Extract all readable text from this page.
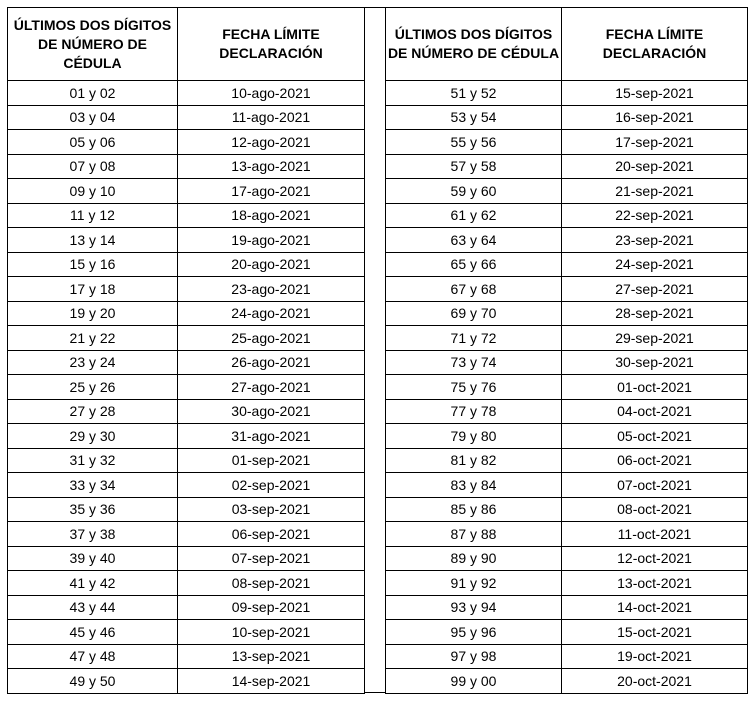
ÚLTIMOS DOS DÍGITOS DE NÚMERO DE CÉDULA	FECHA LÍMITE DECLARACIÓN
01 y 02	10-ago-2021
03 y 04	11-ago-2021
05 y 06	12-ago-2021
07 y 08	13-ago-2021
09 y 10	17-ago-2021
11 y 12	18-ago-2021
13 y 14	19-ago-2021
15 y 16	20-ago-2021
17 y 18	23-ago-2021
19 y 20	24-ago-2021
21 y 22	25-ago-2021
23 y 24	26-ago-2021
25 y 26	27-ago-2021
27 y 28	30-ago-2021
29 y 30	31-ago-2021
31 y 32	01-sep-2021
33 y 34	02-sep-2021
35 y 36	03-sep-2021
37 y 38	06-sep-2021
39 y 40	07-sep-2021
41 y 42	08-sep-2021
43 y 44	09-sep-2021
45 y 46	10-sep-2021
47 y 48	13-sep-2021
49 y 50	14-sep-2021
ÚLTIMOS DOS DÍGITOS DE NÚMERO DE CÉDULA	FECHA LÍMITE DECLARACIÓN
51 y 52	15-sep-2021
53 y 54	16-sep-2021
55 y 56	17-sep-2021
57 y 58	20-sep-2021
59 y 60	21-sep-2021
61 y 62	22-sep-2021
63 y 64	23-sep-2021
65 y 66	24-sep-2021
67 y 68	27-sep-2021
69 y 70	28-sep-2021
71 y 72	29-sep-2021
73 y 74	30-sep-2021
75 y 76	01-oct-2021
77 y 78	04-oct-2021
79 y 80	05-oct-2021
81 y 82	06-oct-2021
83 y 84	07-oct-2021
85 y 86	08-oct-2021
87 y 88	11-oct-2021
89 y 90	12-oct-2021
91 y 92	13-oct-2021
93 y 94	14-oct-2021
95 y 96	15-oct-2021
97 y 98	19-oct-2021
99 y 00	20-oct-2021
